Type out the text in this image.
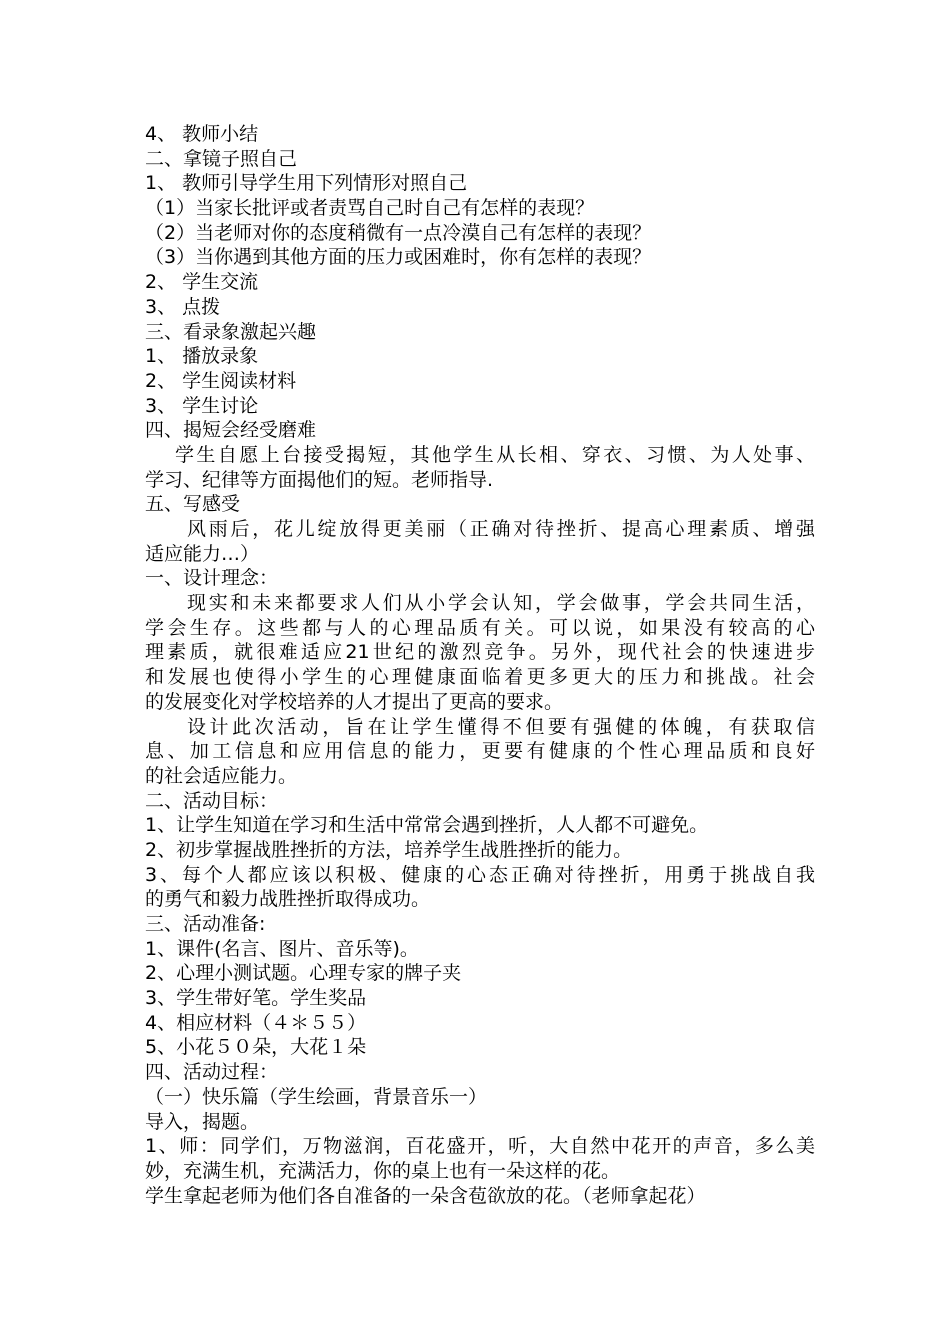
4、 教师小结
二、拿镜子照自己
1、 教师引导学生用下列情形对照自己
（1）当家长批评或者责骂自己时自己有怎样的表现？
（2）当老师对你的态度稍微有一点冷漠自己有怎样的表现？
（3）当你遇到其他方面的压力或困难时，你有怎样的表现？
2、 学生交流
3、 点拨
三、看录象激起兴趣
1、 播放录象
2、 学生阅读材料
3、 学生讨论
四、揭短会经受磨难
学生自愿上台接受揭短，其他学生从长相、穿衣、习惯、为人处事、
学习、纪律等方面揭他们的短。老师指导.
五、写感受
风雨后，花儿绽放得更美丽（正确对待挫折、提高心理素质、增强
适应能力…）
一、设计理念：
现实和未来都要求人们从小学会认知，学会做事，学会共同生活，
学会生存。这些都与人的心理品质有关。可以说，如果没有较高的心
理素质，就很难适应21世纪的激烈竞争。另外，现代社会的快速进步
和发展也使得小学生的心理健康面临着更多更大的压力和挑战。社会
的发展变化对学校培养的人才提出了更高的要求。
设计此次活动，旨在让学生懂得不但要有强健的体魄，有获取信
息、加工信息和应用信息的能力，更要有健康的个性心理品质和良好
的社会适应能力。
二、活动目标：
1、让学生知道在学习和生活中常常会遇到挫折，人人都不可避免。
2、初步掌握战胜挫折的方法，培养学生战胜挫折的能力。
3、每个人都应该以积极、健康的心态正确对待挫折，用勇于挑战自我
的勇气和毅力战胜挫折取得成功。
三、活动准备:
1、课件(名言、图片、音乐等)。
2、心理小测试题。心理专家的牌子夹
3、学生带好笔。学生奖品
4、相应材料（４＊５５）
5、小花５０朵，大花１朵
四、活动过程：
（一）快乐篇（学生绘画，背景音乐一）
导入，揭题。
1、师：同学们，万物滋润，百花盛开，听，大自然中花开的声音，多么美
妙，充满生机，充满活力，你的桌上也有一朵这样的花。
学生拿起老师为他们各自准备的一朵含苞欲放的花。（老师拿起花）
